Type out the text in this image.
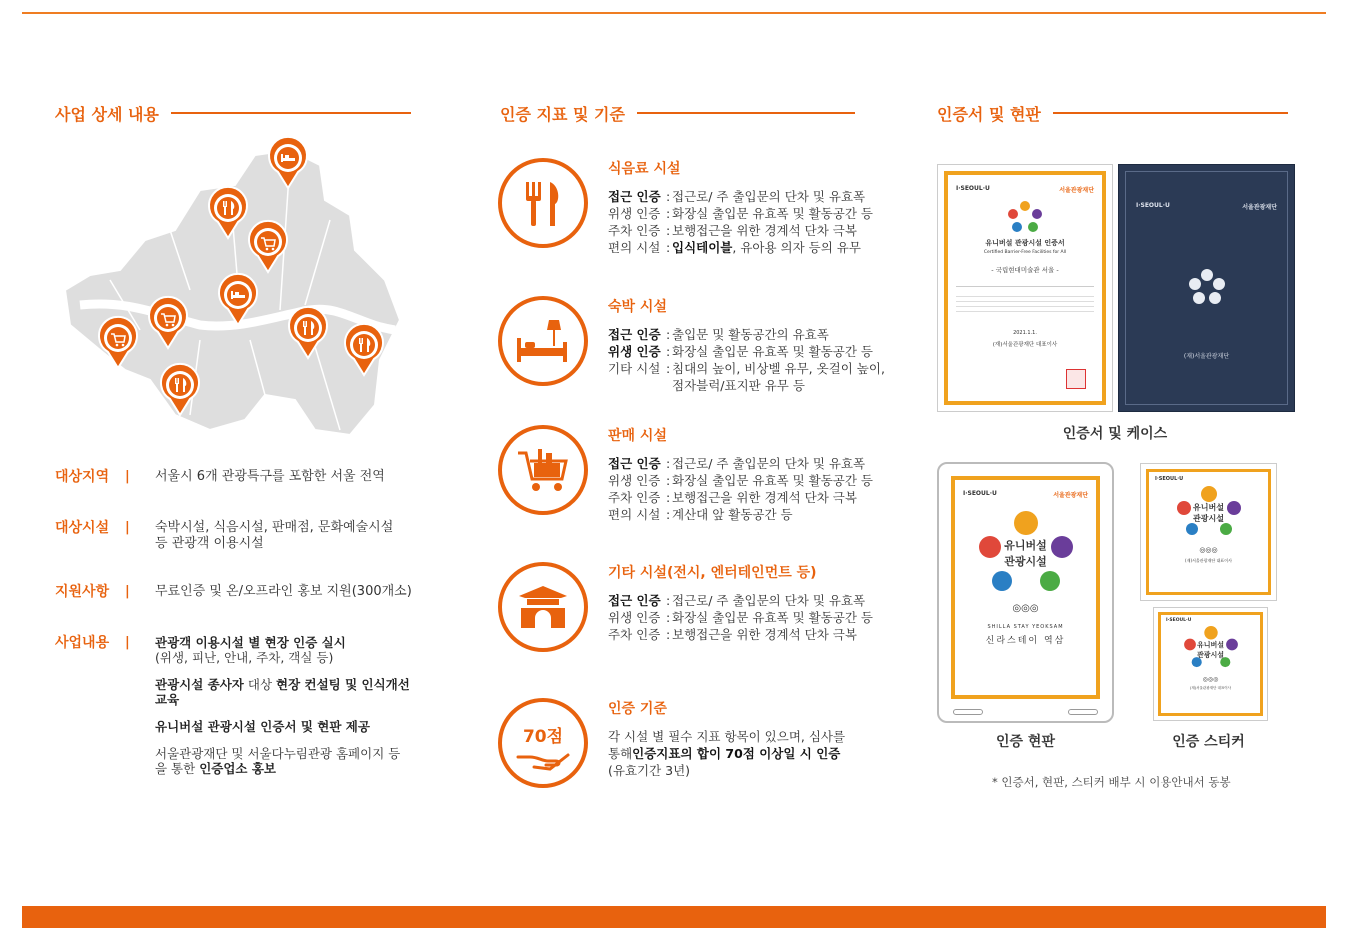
사업 상세 내용
대상지역	|	서울시 6개 관광특구를 포함한 서울 전역
대상시설	|	숙박시설, 식음시설, 판매점, 문화예술시설 등 관광객 이용시설
지원사항	|	무료인증 및 온/오프라인 홍보 지원(300개소)
사업내용	|	관광객 이용시설 별 현장 인증 실시
(위생, 피난, 안내, 주차, 객실 등)

관광시설 종사자 대상 현장 컨설팅 및 인식개선 교육

유니버설 관광시설 인증서 및 현판 제공

서울관광재단 및 서울다누림관광 홈페이지 등을 통한 인증업소 홍보

인증 지표 및 기준
식음료 시설
접근 인증 : 접근로/ 주 출입문의 단차 및 유효폭
위생 인증 : 화장실 출입문 유효폭 및 활동공간 등
주차 인증 : 보행접근을 위한 경계석 단차 극복
편의 시설 : 입식테이블 , 유아용 의자 등의 유무
숙박 시설
접근 인증 : 출입문 및 활동공간의 유효폭
위생 인증 : 화장실 출입문 유효폭 및 활동공간 등
기타 시설 : 침대의 높이, 비상벨 유무, 옷걸이 높이,
점자블럭/표지판 유무 등
판매 시설
접근 인증 : 접근로/ 주 출입문의 단차 및 유효폭
위생 인증 : 화장실 출입문 유효폭 및 활동공간 등
주차 인증 : 보행접근을 위한 경계석 단차 극복
편의 시설 : 계산대 앞 활동공간 등
기타 시설(전시, 엔터테인먼트 등)
접근 인증 : 접근로/ 주 출입문의 단차 및 유효폭
위생 인증 : 화장실 출입문 유효폭 및 활동공간 등
주차 인증 : 보행접근을 위한 경계석 단차 극복
70점
인증 기준
각 시설 별 필수 지표 항목이 있으며, 심사를
통해 인증지표의 합이 70점 이상일 시 인증
(유효기간 3년)
인증서 및 현판
I·SEOUL·U	서울관광재단
유니버설 관광시설 인증서
Certified Barrier-Free Facilities for All
- 국립현대미술관 서울 -
2021.1.1.
(재)서울관광재단 대표이사
I·SEOUL·U	서울관광재단
(재)서울관광재단
인증서 및 케이스
I·SEOUL·U	서울관광재단
유니버설
관광시설
◎◎◎
SHILLA STAY YEOKSAM
신라스테이 역삼
인증 현판
I·SEOUL·U
유니버설
관광시설
◎◎◎
(재)서울관광재단 대표이사
I·SEOUL·U
유니버설
관광시설
◎◎◎
(재)서울관광재단 대표이사
인증 스티커
* 인증서, 현판, 스티커 배부 시 이용안내서 동봉
